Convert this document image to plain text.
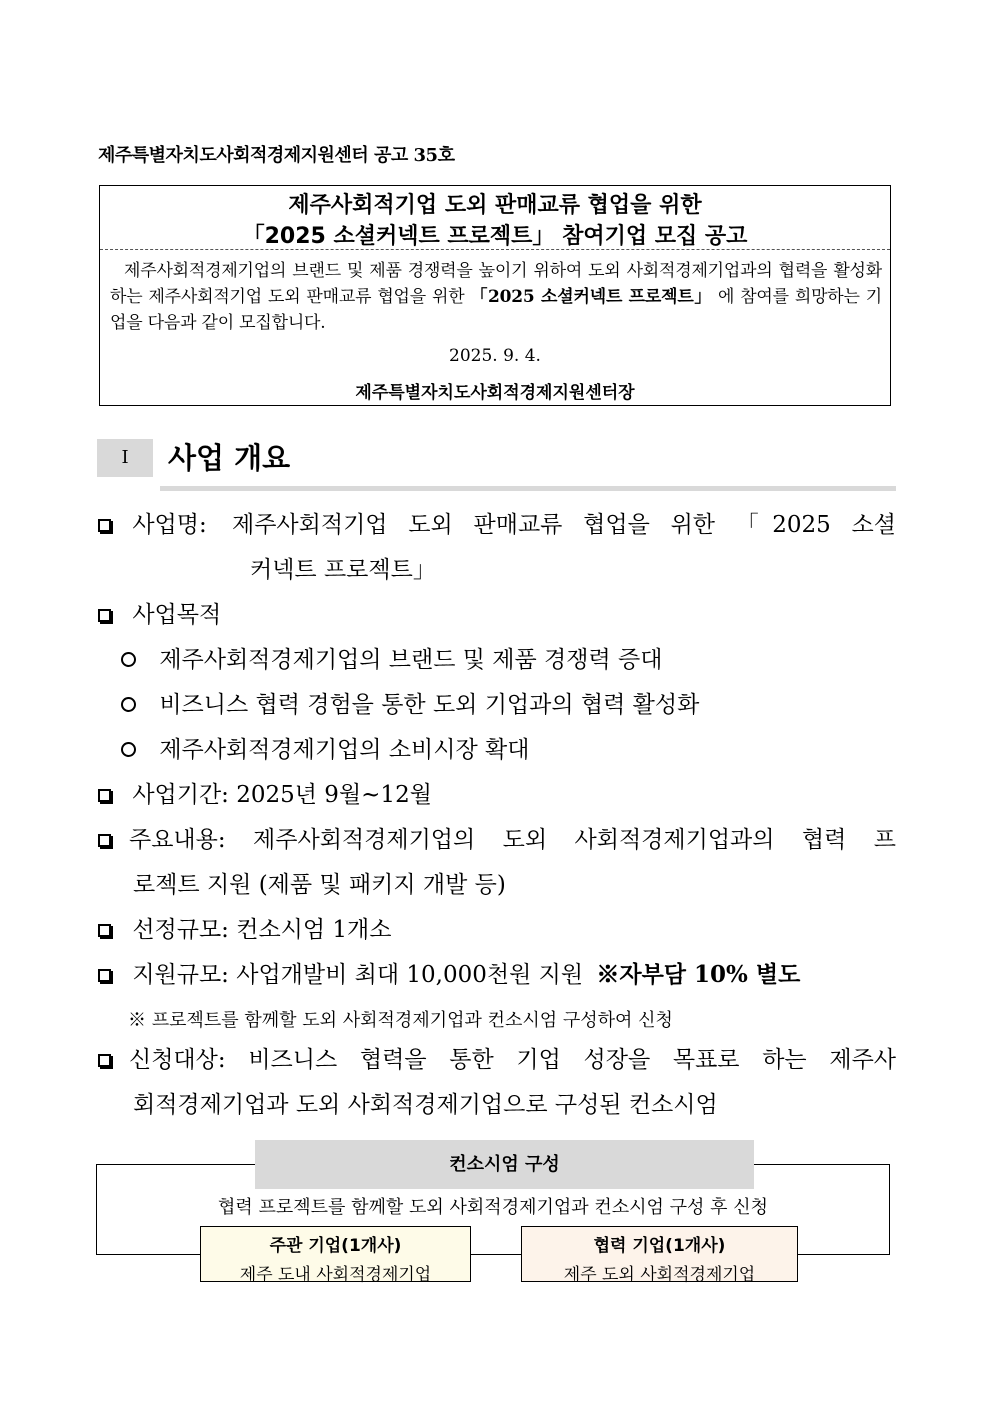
제주특별자치도사회적경제지원센터 공고 35호
제주사회적기업 도외 판매교류 협업을 위한
「2025 소셜커넥트 프로젝트」 참여기업 모집 공고
제주사회적경제기업의 브랜드 및 제품 경쟁력을 높이기 위하여 도외 사회적경제기업과의 협력을 활성화하는 제주사회적기업 도외 판매교류 협업을 위한 「2025 소셜커넥트 프로젝트」 에 참여를 희망하는 기업을 다음과 같이 모집합니다.
2025. 9. 4.
제주특별자치도사회적경제지원센터장
Ⅰ	사업 개요
사업명:	제주사회적기업 도외 판매교류 협업을 위한 「2025 소셜
커넥트 프로젝트」
사업목적
제주사회적경제기업의 브랜드 및 제품 경쟁력 증대
비즈니스 협력 경험을 통한 도외 기업과의 협력 활성화
제주사회적경제기업의 소비시장 확대
사업기간: 2025년 9월~12월
주요내용: 제주사회적경제기업의 도외 사회적경제기업과의 협력 프
로젝트 지원 (제품 및 패키지 개발 등)
선정규모: 컨소시엄 1개소
지원규모: 사업개발비 최대 10,000천원 지원 ※자부담 10% 별도
※ 프로젝트를 함께할 도외 사회적경제기업과 컨소시엄 구성하여 신청
신청대상: 비즈니스 협력을 통한 기업 성장을 목표로 하는 제주사
회적경제기업과 도외 사회적경제기업으로 구성된 컨소시엄
컨소시엄 구성
협력 프로젝트를 함께할 도외 사회적경제기업과 컨소시엄 구성 후 신청
주관 기업(1개사)
제주 도내 사회적경제기업
협력 기업(1개사)
제주 도외 사회적경제기업
